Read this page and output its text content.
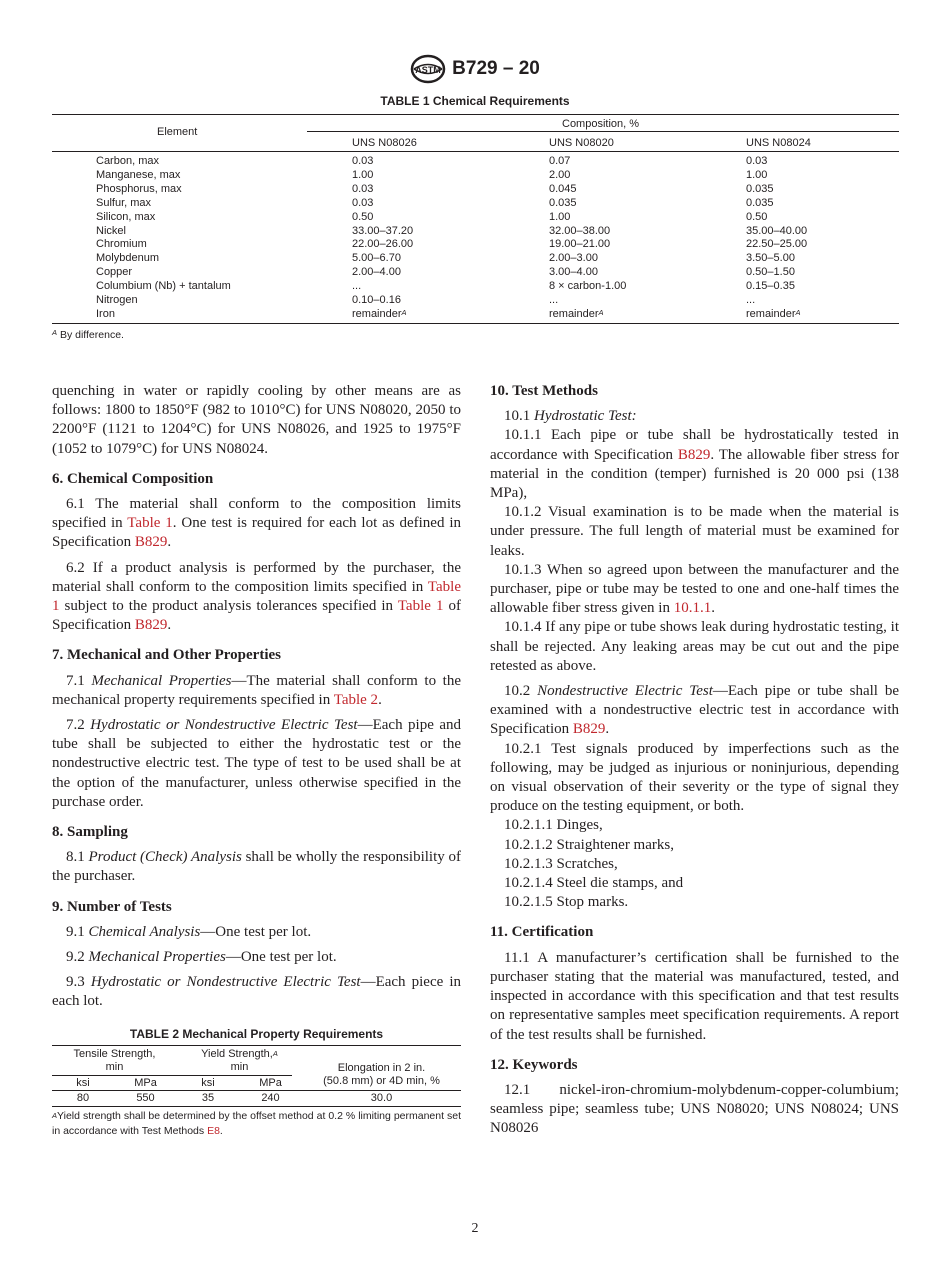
ASTM B729 – 20
TABLE 1 Chemical Requirements
Element
Composition, %
UNS N08026	UNS N08020	UNS N08024
Carbon, max	0.03	0.07	0.03
Manganese, max	1.00	2.00	1.00
Phosphorus, max	0.03	0.045	0.035
Sulfur, max	0.03	0.035	0.035
Silicon, max	0.50	1.00	0.50
Nickel	33.00–37.20	32.00–38.00	35.00–40.00
Chromium	22.00–26.00	19.00–21.00	22.50–25.00
Molybdenum	5.00–6.70	2.00–3.00	3.50–5.00
Copper	2.00–4.00	3.00–4.00	0.50–1.50
Columbium (Nb) + tantalum	...	8 × carbon-1.00	0.15–0.35
Nitrogen	0.10–0.16	...	...
Iron	remainder$^A$	remainder$^A$	remainder$^A$
$^A$ By difference.

quenching in water or rapidly cooling by other means are as follows: 1800 to 1850°F (982 to 1010°C) for UNS N08020, 2050 to 2200°F (1121 to 1204°C) for UNS N08026, and 1925 to 1975°F (1052 to 1079°C) for UNS N08024.

6. Chemical Composition

6.1 The material shall conform to the composition limits specified in Table 1. One test is required for each lot as defined in Specification B829.

6.2 If a product analysis is performed by the purchaser, the material shall conform to the composition limits specified in Table 1 subject to the product analysis tolerances specified in Table 1 of Specification B829.

7. Mechanical and Other Properties

7.1 Mechanical Properties—The material shall conform to the mechanical property requirements specified in Table 2.

7.2 Hydrostatic or Nondestructive Electric Test—Each pipe and tube shall be subjected to either the hydrostatic test or the nondestructive electric test. The type of test to be used shall be at the option of the manufacturer, unless otherwise specified in the purchase order.

8. Sampling

8.1 Product (Check) Analysis shall be wholly the responsibility of the purchaser.

9. Number of Tests

9.1 Chemical Analysis—One test per lot.

9.2 Mechanical Properties—One test per lot.

9.3 Hydrostatic or Nondestructive Electric Test—Each piece in each lot.

TABLE 2 Mechanical Property Requirements
Tensile Strength,
min
Yield Strength,$^A$
min	Elongation in 2 in.
(50.8 mm) or 4D min, %
ksi	MPa	ksi	MPa
80	550	35	240	30.0
$^A$Yield strength shall be determined by the offset method at 0.2 % limiting permanent set in accordance with Test Methods E8.
10. Test Methods

10.1 Hydrostatic Test:

10.1.1 Each pipe or tube shall be hydrostatically tested in accordance with Specification B829. The allowable fiber stress for material in the condition (temper) furnished is 20 000 psi (138 MPa),

10.1.2 Visual examination is to be made when the material is under pressure. The full length of material must be examined for leaks.

10.1.3 When so agreed upon between the manufacturer and the purchaser, pipe or tube may be tested to one and one-half times the allowable fiber stress given in 10.1.1.

10.1.4 If any pipe or tube shows leak during hydrostatic testing, it shall be rejected. Any leaking areas may be cut out and the pipe retested as above.

10.2 Nondestructive Electric Test—Each pipe or tube shall be examined with a nondestructive electric test in accordance with Specification B829.

10.2.1 Test signals produced by imperfections such as the following, may be judged as injurious or noninjurious, depending on visual observation of their severity or the type of signal they produce on the testing equipment, or both.

10.2.1.1 Dinges,

10.2.1.2 Straightener marks,

10.2.1.3 Scratches,

10.2.1.4 Steel die stamps, and

10.2.1.5 Stop marks.

11. Certification

11.1 A manufacturer’s certification shall be furnished to the purchaser stating that the material was manufactured, tested, and inspected in accordance with this specification and that test results on representative samples meet specification requirements. A report of the test results shall be furnished.

12. Keywords

12.1 nickel-iron-chromium-molybdenum-copper-columbium; seamless pipe; seamless tube; UNS N08020; UNS N08024; UNS N08026

2
